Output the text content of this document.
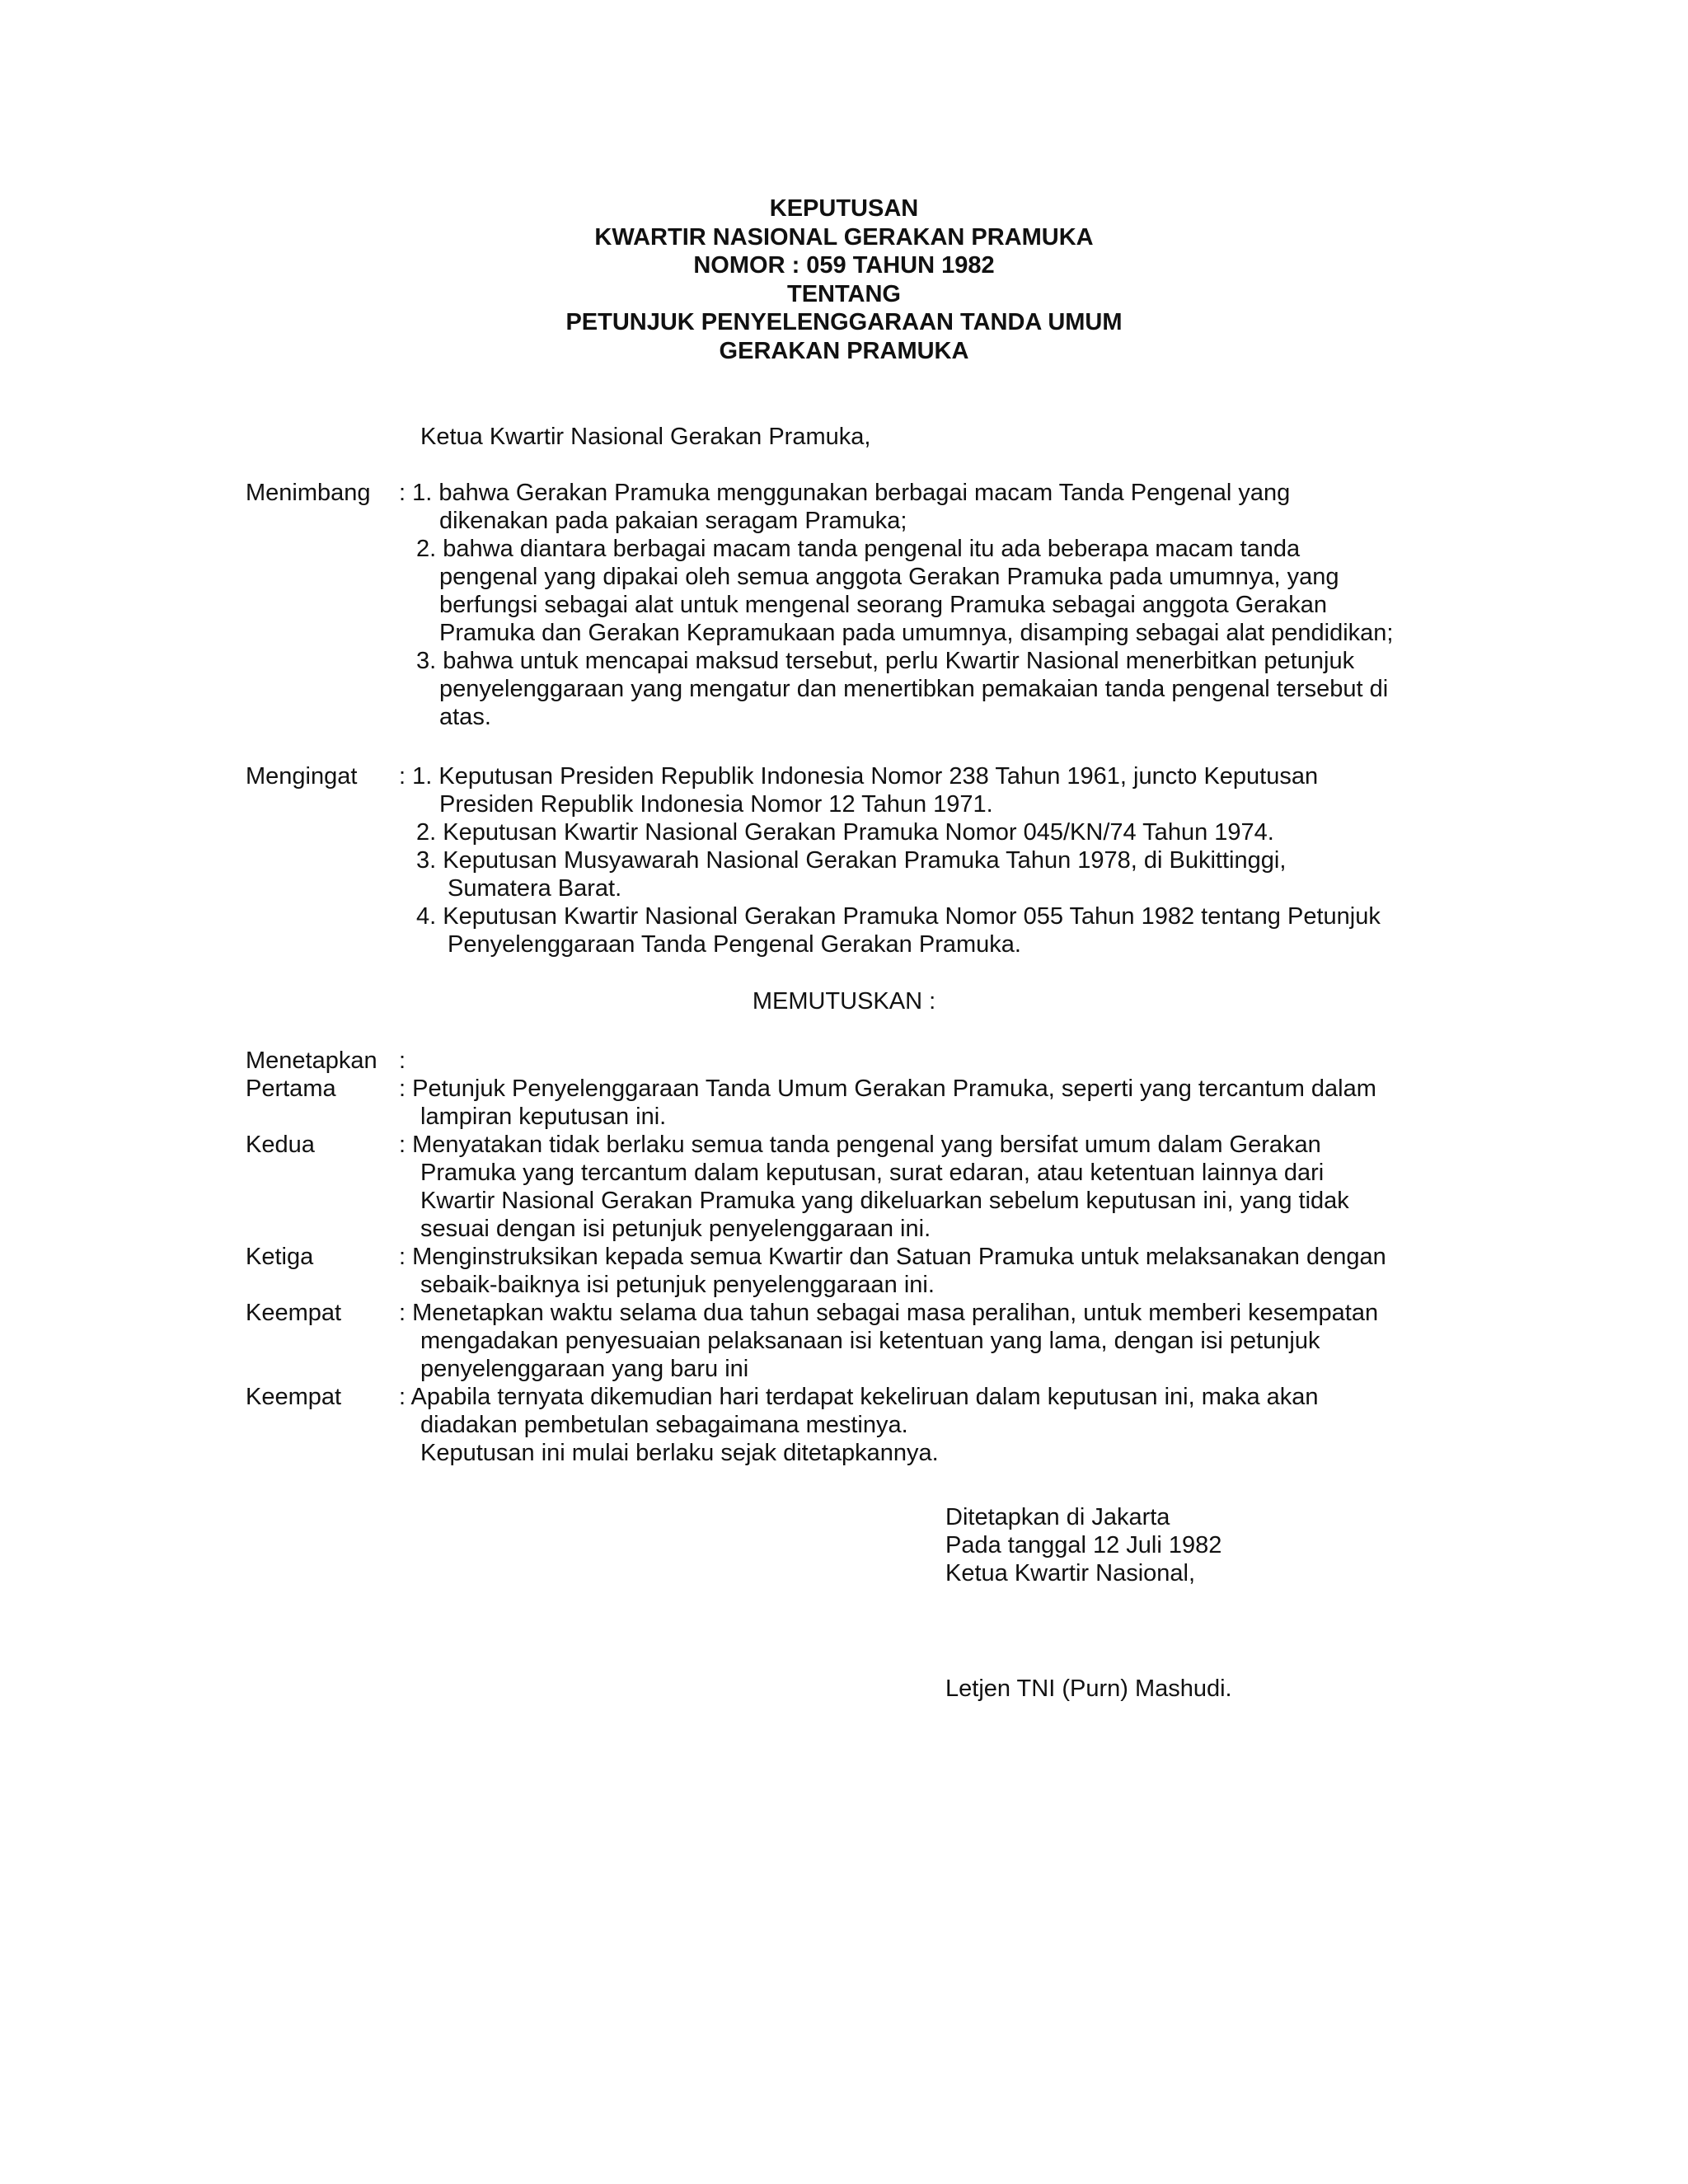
KEPUTUSAN
KWARTIR NASIONAL GERAKAN PRAMUKA
NOMOR : 059 TAHUN 1982
TENTANG
PETUNJUK PENYELENGGARAAN TANDA UMUM
GERAKAN PRAMUKA
Ketua Kwartir Nasional Gerakan Pramuka,
Menimbang : 1. bahwa Gerakan Pramuka menggunakan berbagai macam Tanda Pengenal yang
dikenakan pada pakaian seragam Pramuka;
2. bahwa diantara berbagai macam tanda pengenal itu ada beberapa macam tanda
pengenal yang dipakai oleh semua anggota Gerakan Pramuka pada umumnya, yang
berfungsi sebagai alat untuk mengenal seorang Pramuka sebagai anggota Gerakan
Pramuka dan Gerakan Kepramukaan pada umumnya, disamping sebagai alat pendidikan;
3. bahwa untuk mencapai maksud tersebut, perlu Kwartir Nasional menerbitkan petunjuk
penyelenggaraan yang mengatur dan menertibkan pemakaian tanda pengenal tersebut di
atas.
Mengingat : 1. Keputusan Presiden Republik Indonesia Nomor 238 Tahun 1961, juncto Keputusan
Presiden Republik Indonesia Nomor 12 Tahun 1971.
2. Keputusan Kwartir Nasional Gerakan Pramuka Nomor 045/KN/74 Tahun 1974.
3. Keputusan Musyawarah Nasional Gerakan Pramuka Tahun 1978, di Bukittinggi,
Sumatera Barat.
4. Keputusan Kwartir Nasional Gerakan Pramuka Nomor 055 Tahun 1982 tentang Petunjuk
Penyelenggaraan Tanda Pengenal Gerakan Pramuka.
MEMUTUSKAN :
Menetapkan :
Pertama	: Petunjuk Penyelenggaraan Tanda Umum Gerakan Pramuka, seperti yang tercantum dalam
lampiran keputusan ini.
Kedua	: Menyatakan tidak berlaku semua tanda pengenal yang bersifat umum dalam Gerakan
Pramuka yang tercantum dalam keputusan, surat edaran, atau ketentuan lainnya dari
Kwartir Nasional Gerakan Pramuka yang dikeluarkan sebelum keputusan ini, yang tidak
sesuai dengan isi petunjuk penyelenggaraan ini.
Ketiga	: Menginstruksikan kepada semua Kwartir dan Satuan Pramuka untuk melaksanakan dengan
sebaik-baiknya isi petunjuk penyelenggaraan ini.
Keempat : Menetapkan waktu selama dua tahun sebagai masa peralihan, untuk memberi kesempatan
mengadakan penyesuaian pelaksanaan isi ketentuan yang lama, dengan isi petunjuk
penyelenggaraan yang baru ini
Keempat : Apabila ternyata dikemudian hari terdapat kekeliruan dalam keputusan ini, maka akan
diadakan pembetulan sebagaimana mestinya.
Keputusan ini mulai berlaku sejak ditetapkannya.
Ditetapkan di Jakarta
Pada tanggal 12 Juli 1982
Ketua Kwartir Nasional,
Letjen TNI (Purn) Mashudi.
